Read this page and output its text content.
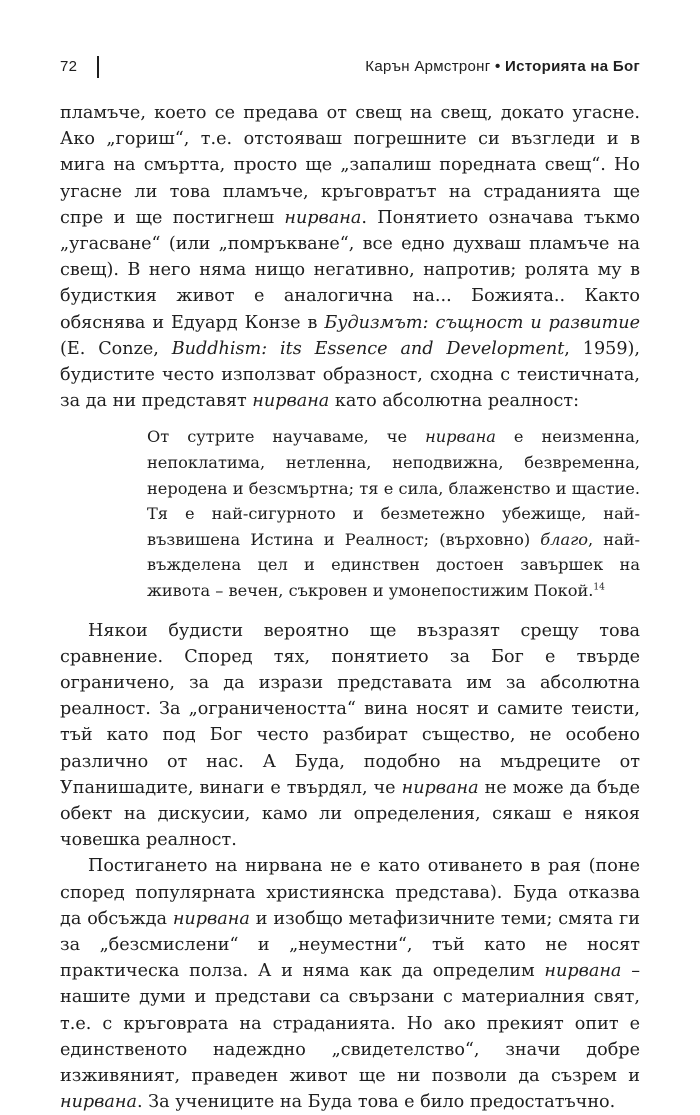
72	Карън Армстронг • Историята на Бог

пламъче, което се предава от свещ на свещ, докато угасне. Ако „гориш“, т.е. отстояваш погрешните си възгледи и в мига на смъртта, просто ще „запалиш поредната свещ“. Но угасне ли това пламъче, кръговратът на страданията ще спре и ще постигнеш нирвана. Понятието означава тъкмо „угасване“ (или „помръкване“, все едно духваш пламъче на свещ). В него няма нищо негативно, напротив; ролята му в будисткия живот е аналогична на... Божията.. Както обяснява и Едуард Конзе в Будизмът: същност и развитие (E. Conze, Buddhism: its Essence and Development, 1959), будистите често използват образност, сходна с теистичната, за да ни представят нирвана като абсолютна реалност:

От сутрите научаваме, че нирвана е неизменна, непоклатима, нетленна, неподвижна, безвременна, неродена и безсмъртна; тя е сила, блаженство и щастие. Тя е най-сигурното и безметежно убежище, най-възвишена Истина и Реалност; (върховно) благо, най-въжделена цел и единствен достоен завършек на живота – вечен, съкровен и умонепостижим Покой.$^{14}$

Някои будисти вероятно ще възразят срещу това сравнение. Според тях, понятието за Бог е твърде ограничено, за да изрази представата им за абсолютна реалност. За „ограничеността“ вина носят и самите теисти, тъй като под Бог често разбират същество, не особено различно от нас. А Буда, подобно на мъдреците от Упанишадите, винаги е твърдял, че нирвана не може да бъде обект на дискусии, камо ли определения, сякаш е някоя човешка реалност.

Постигането на нирвана не е като отиването в рая (поне според популярната християнска представа). Буда отказва да обсъжда нирвана и изобщо метафизичните теми; смята ги за „безсмислени“ и „неуместни“, тъй като не носят практическа полза. А и няма как да определим нирвана – нашите думи и представи са свързани с материалния свят, т.е. с кръговрата на страданията. Но ако прекият опит е единственото надеждно „свидетелство“, значи добре изживяният, праведен живот ще ни позволи да съзрем и нирвана. За учениците на Буда това е било предостатъчно.
